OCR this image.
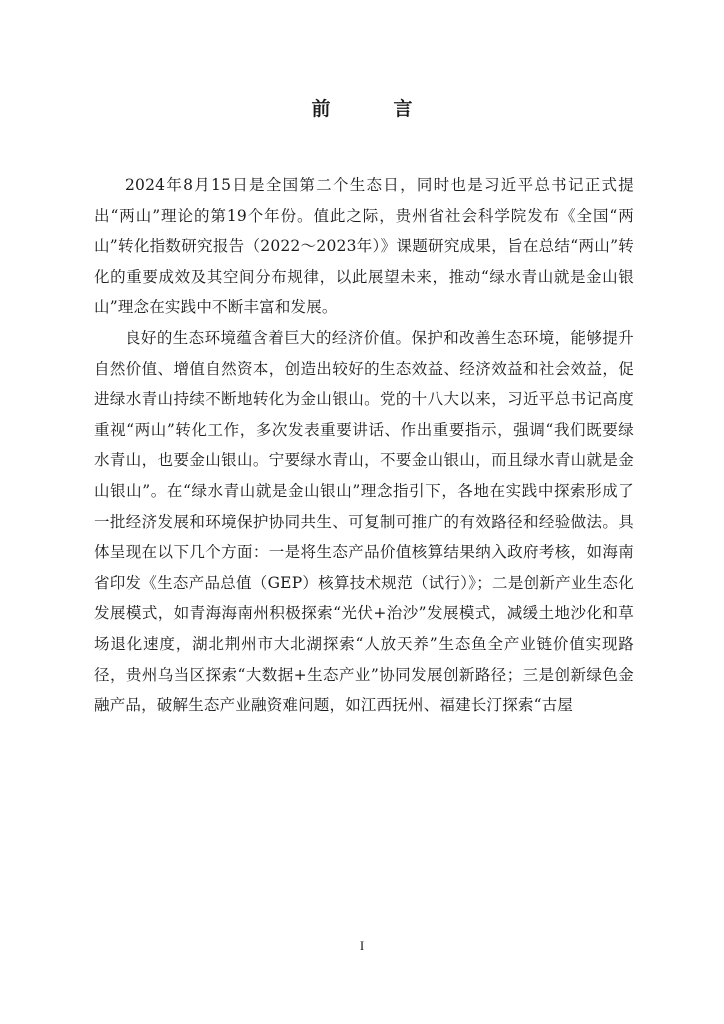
前　言

2024年8月15日是全国第二个生态日，同时也是习近平总书记正式提出“两山”理论的第19个年份。值此之际，贵州省社会科学院发布《全国“两山”转化指数研究报告（2022～2023年）》课题研究成果，旨在总结“两山”转化的重要成效及其空间分布规律，以此展望未来，推动“绿水青山就是金山银山”理念在实践中不断丰富和发展。

良好的生态环境蕴含着巨大的经济价值。保护和改善生态环境，能够提升自然价值、增值自然资本，创造出较好的生态效益、经济效益和社会效益，促进绿水青山持续不断地转化为金山银山。党的十八大以来，习近平总书记高度重视“两山”转化工作，多次发表重要讲话、作出重要指示，强调“我们既要绿水青山，也要金山银山。宁要绿水青山，不要金山银山，而且绿水青山就是金山银山”。在“绿水青山就是金山银山”理念指引下，各地在实践中探索形成了一批经济发展和环境保护协同共生、可复制可推广的有效路径和经验做法。具体呈现在以下几个方面：一是将生态产品价值核算结果纳入政府考核，如海南省印发《生态产品总值（GEP）核算技术规范（试行）》；二是创新产业生态化发展模式，如青海海南州积极探索“光伏+治沙”发展模式，减缓土地沙化和草场退化速度，湖北荆州市大北湖探索“人放天养”生态鱼全产业链价值实现路径，贵州乌当区探索“大数据+生态产业”协同发展创新路径；三是创新绿色金融产品，破解生态产业融资难问题，如江西抚州、福建长汀探索“古屋

I
